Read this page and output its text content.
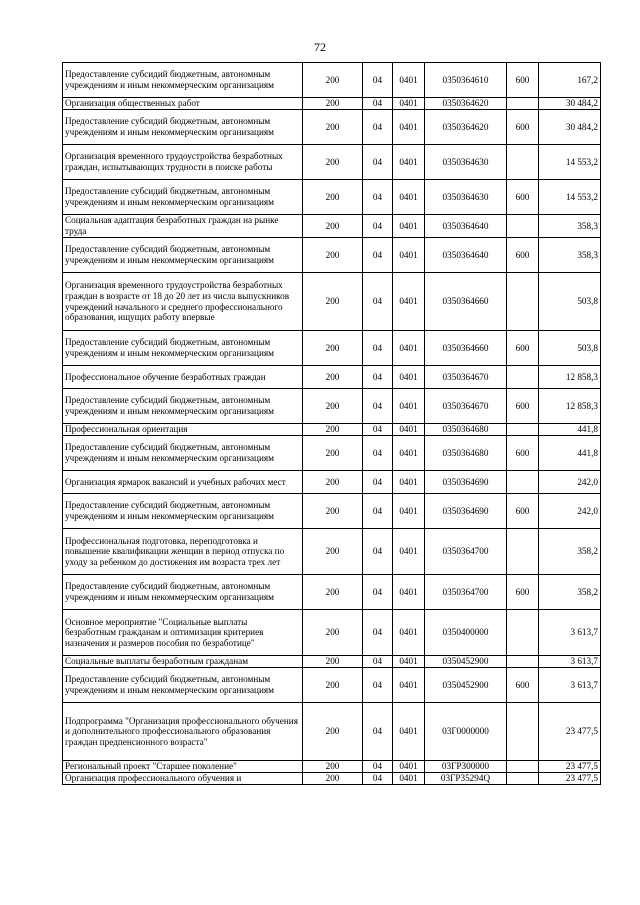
72
Предоставление субсидий бюджетным, автономным учреждениям и иным некоммерческим организациям	200	04	0401	0350364610	600	167,2
Организация общественных работ	200	04	0401	0350364620		30 484,2
Предоставление субсидий бюджетным, автономным учреждениям и иным некоммерческим организациям	200	04	0401	0350364620	600	30 484,2
Организация временного трудоустройства безработных граждан, испытывающих трудности в поиске работы	200	04	0401	0350364630		14 553,2
Предоставление субсидий бюджетным, автономным учреждениям и иным некоммерческим организациям	200	04	0401	0350364630	600	14 553,2
Социальная адаптация безработных граждан на рынке труда	200	04	0401	0350364640		358,3
Предоставление субсидий бюджетным, автономным учреждениям и иным некоммерческим организациям	200	04	0401	0350364640	600	358,3
Организация временного трудоустройства безработных граждан в возрасте от 18 до 20 лет из числа выпускников учреждений начального и среднего профессионального образования, ищущих работу впервые	200	04	0401	0350364660		503,8
Предоставление субсидий бюджетным, автономным учреждениям и иным некоммерческим организациям	200	04	0401	0350364660	600	503,8
Профессиональное обучение безработных граждан	200	04	0401	0350364670		12 858,3
Предоставление субсидий бюджетным, автономным учреждениям и иным некоммерческим организациям	200	04	0401	0350364670	600	12 858,3
Профессиональная ориентация	200	04	0401	0350364680		441,8
Предоставление субсидий бюджетным, автономным учреждениям и иным некоммерческим организациям	200	04	0401	0350364680	600	441,8
Организация ярмарок вакансий и учебных рабочих мест	200	04	0401	0350364690		242,0
Предоставление субсидий бюджетным, автономным учреждениям и иным некоммерческим организациям	200	04	0401	0350364690	600	242,0
Профессиональная подготовка, переподготовка и повышение квалификации женщин в период отпуска по уходу за ребенком до достижения им возраста трех лет	200	04	0401	0350364700		358,2
Предоставление субсидий бюджетным, автономным учреждениям и иным некоммерческим организациям	200	04	0401	0350364700	600	358,2
Основное мероприятие "Социальные выплаты безработным гражданам и оптимизация критериев назначения и размеров пособия по безработице"	200	04	0401	0350400000		3 613,7
Социальные выплаты безработным гражданам	200	04	0401	0350452900		3 613,7
Предоставление субсидий бюджетным, автономным учреждениям и иным некоммерческим организациям	200	04	0401	0350452900	600	3 613,7
Подпрограмма "Организация профессионального обучения и дополнительного профессионального образования граждан предпенсионного возраста"	200	04	0401	03Г0000000		23 477,5
Региональный проект "Старшее поколение"	200	04	0401	03ГP300000		23 477,5
Организация профессионального обучения и	200	04	0401	03ГP35294Q		23 477,5
